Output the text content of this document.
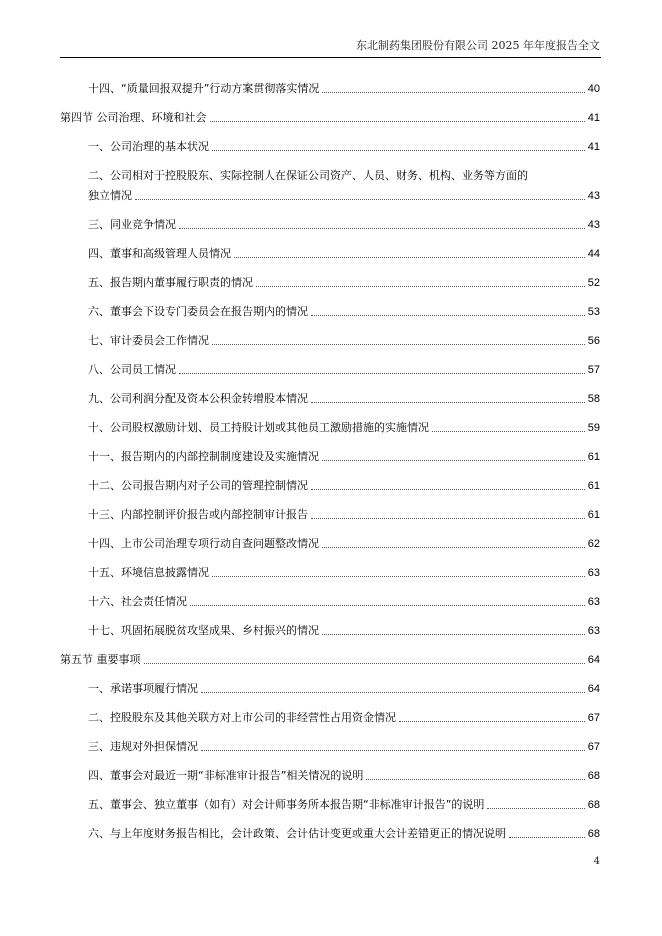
东北制药集团股份有限公司 2025 年年度报告全文
十四、“质量回报双提升”行动方案贯彻落实情况	40
第四节 公司治理、环境和社会	41
一、公司治理的基本状况	41
二、公司相对于控股股东、实际控制人在保证公司资产、人员、财务、机构、业务等方面的
独立情况	43
三、同业竞争情况	43
四、董事和高级管理人员情况	44
五、报告期内董事履行职责的情况	52
六、董事会下设专门委员会在报告期内的情况	53
七、审计委员会工作情况	56
八、公司员工情况	57
九、公司利润分配及资本公积金转增股本情况	58
十、公司股权激励计划、员工持股计划或其他员工激励措施的实施情况	59
十一、报告期内的内部控制制度建设及实施情况	61
十二、公司报告期内对子公司的管理控制情况	61
十三、内部控制评价报告或内部控制审计报告	61
十四、上市公司治理专项行动自查问题整改情况	62
十五、环境信息披露情况	63
十六、社会责任情况	63
十七、巩固拓展脱贫攻坚成果、乡村振兴的情况	63
第五节 重要事项	64
一、承诺事项履行情况	64
二、控股股东及其他关联方对上市公司的非经营性占用资金情况	67
三、违规对外担保情况	67
四、董事会对最近一期“非标准审计报告”相关情况的说明	68
五、董事会、独立董事（如有）对会计师事务所本报告期“非标准审计报告”的说明	68
六、与上年度财务报告相比，会计政策、会计估计变更或重大会计差错更正的情况说明	68
4
